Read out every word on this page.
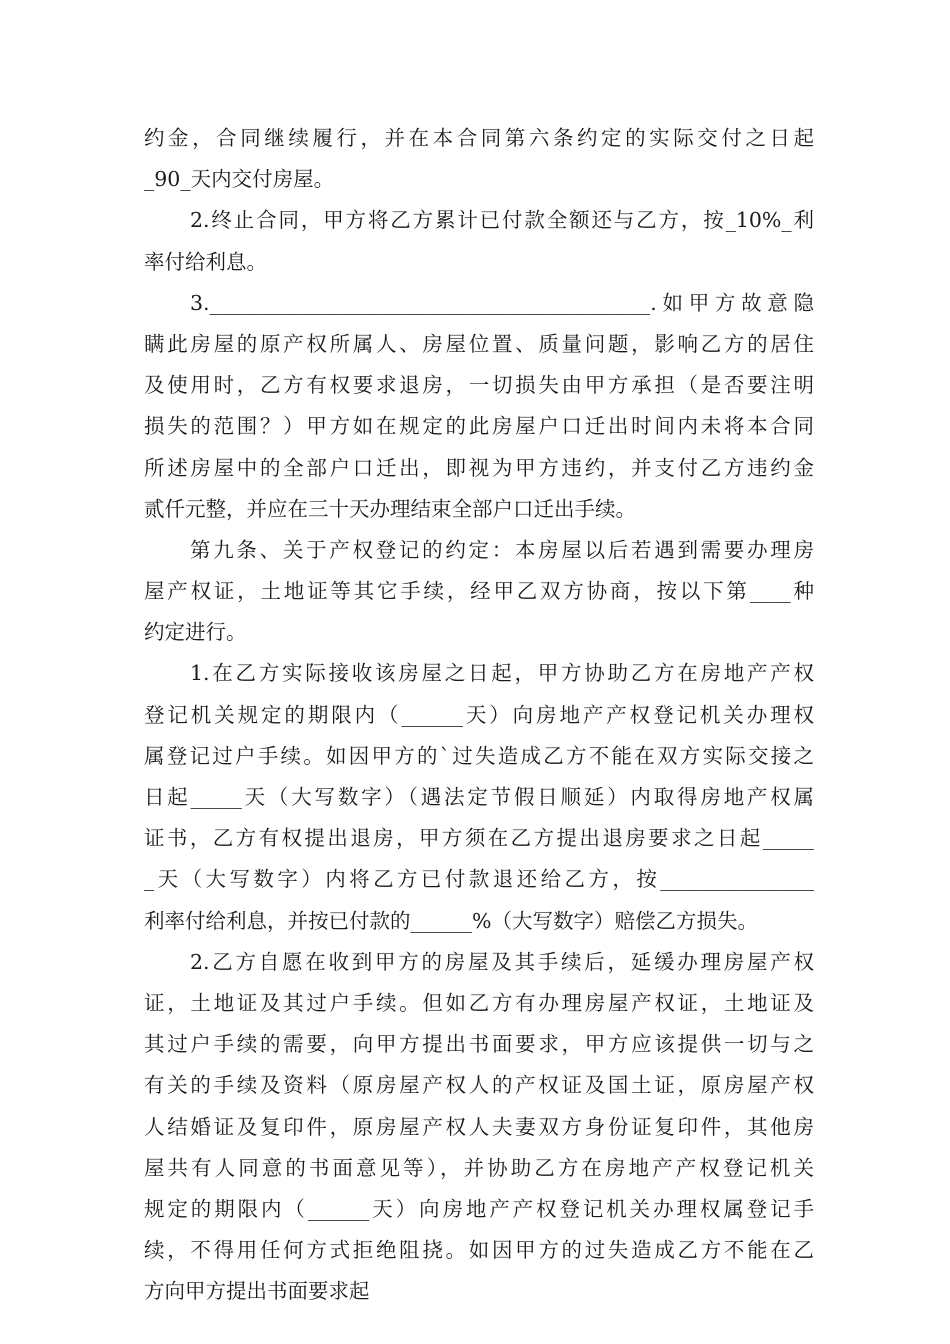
约金，合同继续履行，并在本合同第六条约定的实际交付之日起
_90_天内交付房屋。
2.终止合同，甲方将乙方累计已付款全额还与乙方，按_10%_利
率付给利息。
3.___________________________________________.如甲方故意隐
瞒此房屋的原产权所属人、房屋位置、质量问题，影响乙方的居住
及使用时，乙方有权要求退房，一切损失由甲方承担（是否要注明
损失的范围？）甲方如在规定的此房屋户口迁出时间内未将本合同
所述房屋中的全部户口迁出，即视为甲方违约，并支付乙方违约金
贰仟元整，并应在三十天办理结束全部户口迁出手续。
第九条、关于产权登记的约定：本房屋以后若遇到需要办理房
屋产权证，土地证等其它手续，经甲乙双方协商，按以下第____种
约定进行。
1.在乙方实际接收该房屋之日起，甲方协助乙方在房地产产权
登记机关规定的期限内（______天）向房地产产权登记机关办理权
属登记过户手续。如因甲方的`过失造成乙方不能在双方实际交接之
日起_____天（大写数字）（遇法定节假日顺延）内取得房地产权属
证书，乙方有权提出退房，甲方须在乙方提出退房要求之日起_____
_天（大写数字）内将乙方已付款退还给乙方，按_______________
利率付给利息，并按已付款的______%（大写数字）赔偿乙方损失。
2.乙方自愿在收到甲方的房屋及其手续后，延缓办理房屋产权
证，土地证及其过户手续。但如乙方有办理房屋产权证，土地证及
其过户手续的需要，向甲方提出书面要求，甲方应该提供一切与之
有关的手续及资料（原房屋产权人的产权证及国土证，原房屋产权
人结婚证及复印件，原房屋产权人夫妻双方身份证复印件，其他房
屋共有人同意的书面意见等），并协助乙方在房地产产权登记机关
规定的期限内（______天）向房地产产权登记机关办理权属登记手
续，不得用任何方式拒绝阻挠。如因甲方的过失造成乙方不能在乙
方向甲方提出书面要求起
